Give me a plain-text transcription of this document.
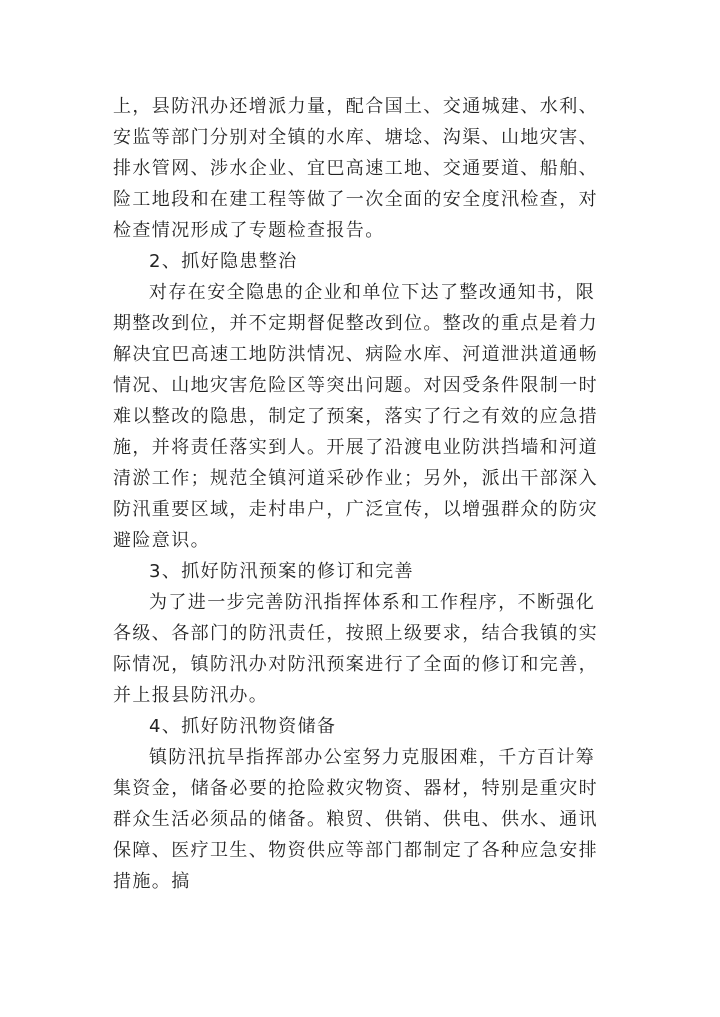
上，县防汛办还增派力量，配合国土、交通城建、水利、安监等部门分别对全镇的水库、塘埝、沟渠、山地灾害、排水管网、涉水企业、宜巴高速工地、交通要道、船舶、险工地段和在建工程等做了一次全面的安全度汛检查，对检查情况形成了专题检查报告。

2、抓好隐患整治

对存在安全隐患的企业和单位下达了整改通知书，限期整改到位，并不定期督促整改到位。整改的重点是着力解决宜巴高速工地防洪情况、病险水库、河道泄洪道通畅情况、山地灾害危险区等突出问题。对因受条件限制一时难以整改的隐患，制定了预案，落实了行之有效的应急措施，并将责任落实到人。开展了沿渡电业防洪挡墙和河道清淤工作；规范全镇河道采砂作业；另外，派出干部深入防汛重要区域，走村串户，广泛宣传，以增强群众的防灾避险意识。

3、抓好防汛预案的修订和完善

为了进一步完善防汛指挥体系和工作程序，不断强化各级、各部门的防汛责任，按照上级要求，结合我镇的实际情况，镇防汛办对防汛预案进行了全面的修订和完善，并上报县防汛办。

4、抓好防汛物资储备

镇防汛抗旱指挥部办公室努力克服困难，千方百计筹集资金，储备必要的抢险救灾物资、器材，特别是重灾时群众生活必须品的储备。粮贸、供销、供电、供水、通讯保障、医疗卫生、物资供应等部门都制定了各种应急安排措施。搞
